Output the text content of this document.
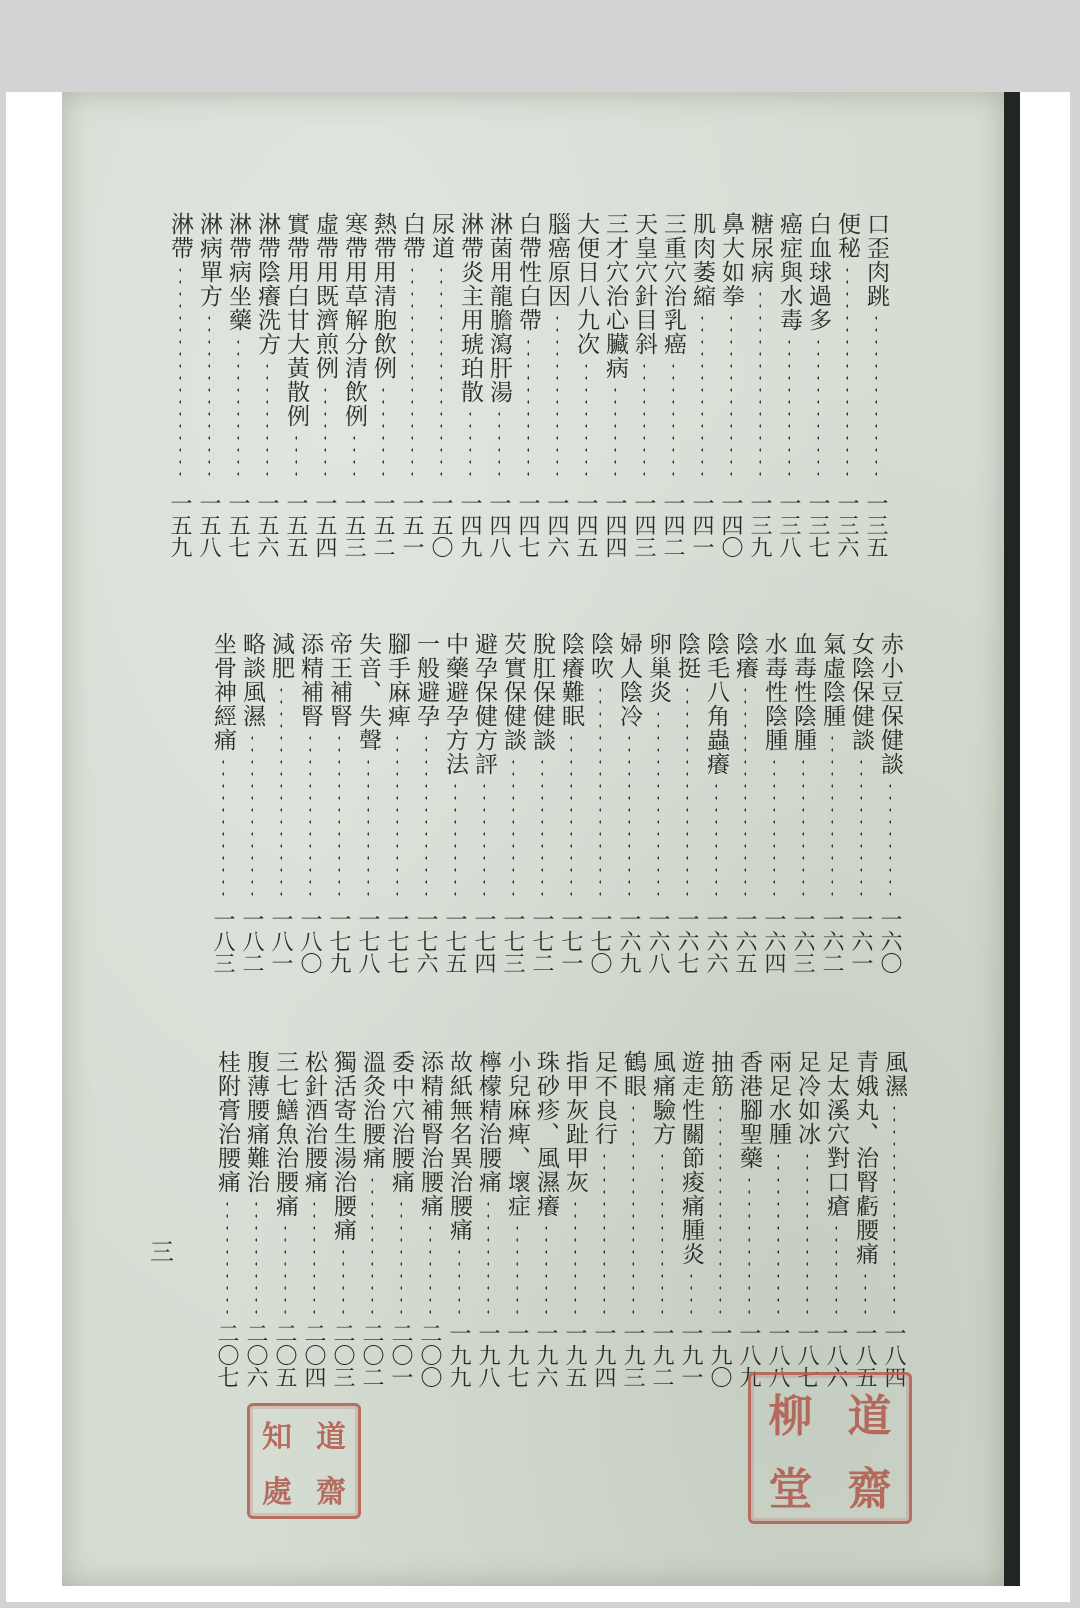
口歪肉跳
一三五
便秘
一三六
白血球過多
一三七
癌症與水毒
一三八
糖尿病
一三九
鼻大如拳
一四〇
肌肉萎縮
一四一
三重穴治乳癌
一四二
天皇穴針目斜
一四三
三才穴治心臟病
一四四
大便日八九次
一四五
腦癌原因
一四六
白帶性白帶
一四七
淋菌用龍膽瀉肝湯
一四八
淋帶炎主用琥珀散
一四九
尿道
一五〇
白帶
一五一
熱帶用清胞飲例
一五二
寒帶用草解分清飲例
一五三
虛帶用既濟煎例
一五四
實帶用白甘大黃散例
一五五
淋帶陰癢洗方
一五六
淋帶病坐藥
一五七
淋病單方
一五八
淋帶
一五九
赤小豆保健談
一六〇
女陰保健談
一六一
氣虛陰腫
一六二
血毒性陰腫
一六三
水毒性陰腫
一六四
陰癢
一六五
陰毛八角蟲癢
一六六
陰挺
一六七
卵巢炎
一六八
婦人陰冷
一六九
陰吹
一七〇
陰癢難眠
一七一
脫肛保健談
一七二
芡實保健談
一七三
避孕保健方評
一七四
中藥避孕方法
一七五
一般避孕
一七六
腳手麻痺
一七七
失音、失聲
一七八
帝王補腎
一七九
添精補腎
一八〇
減肥
一八一
略談風濕
一八二
坐骨神經痛
一八三
風濕
一八四
青娥丸、治腎虧腰痛
一八五
足太溪穴對口瘡
一八六
足冷如冰
一八七
兩足水腫
一八八
香港腳聖藥
一八九
抽筋
一九〇
遊走性關節痠痛腫炎
一九一
風痛驗方
一九二
鶴眼
一九三
足不良行
一九四
指甲灰趾甲灰
一九五
珠砂疹、風濕癢
一九六
小兒麻痺、壞症
一九七
檸檬精治腰痛
一九八
故紙無名異治腰痛
一九九
添精補腎治腰痛
二〇〇
委中穴治腰痛
二〇一
溫灸治腰痛
二〇二
獨活寄生湯治腰痛
二〇三
松針酒治腰痛
二〇四
三七鱔魚治腰痛
二〇五
腹薄腰痛難治
二〇六
桂附膏治腰痛
二〇七
三
知 道
處 齋
柳 道
堂 齋
